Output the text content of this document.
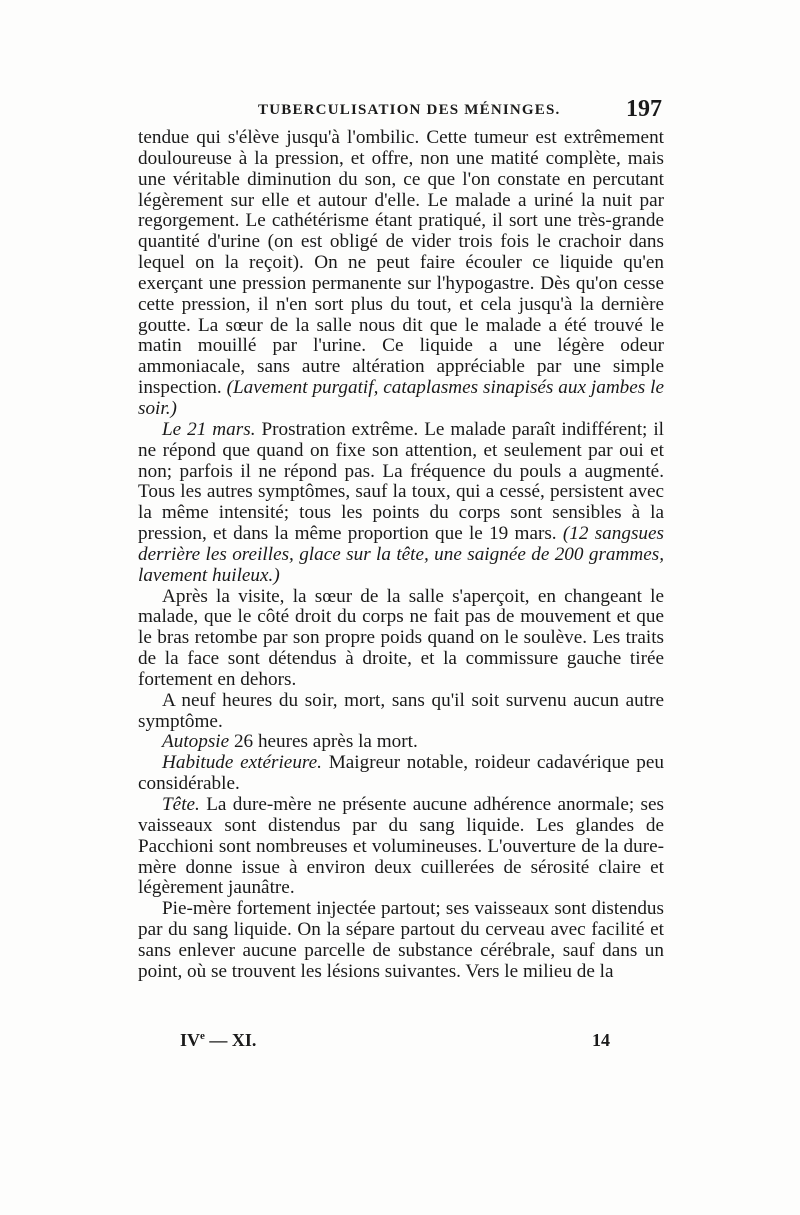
TUBERCULISATION DES MÉNINGES.	197

tendue qui s'élève jusqu'à l'ombilic. Cette tumeur est extrêmement douloureuse à la pression, et offre, non une matité complète, mais une véritable diminution du son, ce que l'on constate en percutant légèrement sur elle et autour d'elle. Le malade a uriné la nuit par regorgement. Le cathétérisme étant pratiqué, il sort une très-grande quantité d'urine (on est obligé de vider trois fois le crachoir dans lequel on la reçoit). On ne peut faire écouler ce liquide qu'en exerçant une pression permanente sur l'hypogastre. Dès qu'on cesse cette pression, il n'en sort plus du tout, et cela jusqu'à la dernière goutte. La sœur de la salle nous dit que le malade a été trouvé le matin mouillé par l'urine. Ce liquide a une légère odeur ammoniacale, sans autre altération appréciable par une simple inspection. (Lavement purgatif, cataplasmes sinapisés aux jambes le soir.)

Le 21 mars. Prostration extrême. Le malade paraît indifférent; il ne répond que quand on fixe son attention, et seulement par oui et non; parfois il ne répond pas. La fréquence du pouls a augmenté. Tous les autres symptômes, sauf la toux, qui a cessé, persistent avec la même intensité; tous les points du corps sont sensibles à la pression, et dans la même proportion que le 19 mars. (12 sangsues derrière les oreilles, glace sur la tête, une saignée de 200 grammes, lavement huileux.)

Après la visite, la sœur de la salle s'aperçoit, en changeant le malade, que le côté droit du corps ne fait pas de mouvement et que le bras retombe par son propre poids quand on le soulève. Les traits de la face sont détendus à droite, et la commissure gauche tirée fortement en dehors.

A neuf heures du soir, mort, sans qu'il soit survenu aucun autre symptôme.

Autopsie 26 heures après la mort.

Habitude extérieure. Maigreur notable, roideur cadavérique peu considérable.

Tête. La dure-mère ne présente aucune adhérence anormale; ses vaisseaux sont distendus par du sang liquide. Les glandes de Pacchioni sont nombreuses et volumineuses. L'ouverture de la dure-mère donne issue à environ deux cuillerées de sérosité claire et légèrement jaunâtre.

Pie-mère fortement injectée partout; ses vaisseaux sont distendus par du sang liquide. On la sépare partout du cerveau avec facilité et sans enlever aucune parcelle de substance cérébrale, sauf dans un point, où se trouvent les lésions suivantes. Vers le milieu de la

IVe — XI.	14
